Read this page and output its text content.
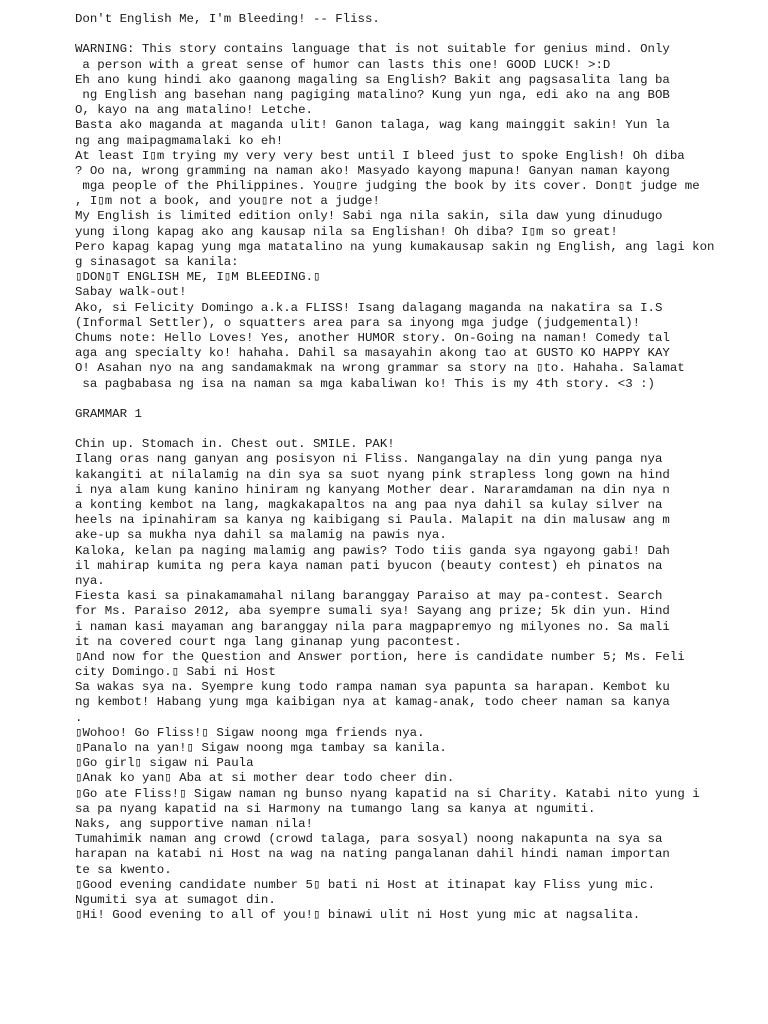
Don't English Me, I'm Bleeding! -- Fliss.
WARNING: This story contains language that is not suitable for genius mind. Only
a person with a great sense of humor can lasts this one! GOOD LUCK! >:D
Eh ano kung hindi ako gaanong magaling sa English? Bakit ang pagsasalita lang ba
ng English ang basehan nang pagiging matalino? Kung yun nga, edi ako na ang BOB
O, kayo na ang matalino! Letche.
Basta ako maganda at maganda ulit! Ganon talaga, wag kang mainggit sakin! Yun la
ng ang maipagmamalaki ko eh!
At least I▯m trying my very very best until I bleed just to spoke English! Oh diba
? Oo na, wrong gramming na naman ako! Masyado kayong mapuna! Ganyan naman kayong
mga people of the Philippines. You▯re judging the book by its cover. Don▯t judge me
, I▯m not a book, and you▯re not a judge!
My English is limited edition only! Sabi nga nila sakin, sila daw yung dinudugo
yung ilong kapag ako ang kausap nila sa Englishan! Oh diba? I▯m so great!
Pero kapag kapag yung mga matatalino na yung kumakausap sakin ng English, ang lagi kon
g sinasagot sa kanila:
▯DON▯T ENGLISH ME, I▯M BLEEDING.▯
Sabay walk-out!
Ako, si Felicity Domingo a.k.a FLISS! Isang dalagang maganda na nakatira sa I.S
(Informal Settler), o squatters area para sa inyong mga judge (judgemental)!
Chums note: Hello Loves! Yes, another HUMOR story. On-Going na naman! Comedy tal
aga ang specialty ko! hahaha. Dahil sa masayahin akong tao at GUSTO KO HAPPY KAY
O! Asahan nyo na ang sandamakmak na wrong grammar sa story na ▯to. Hahaha. Salamat
sa pagbabasa ng isa na naman sa mga kabaliwan ko! This is my 4th story. <3 :)
GRAMMAR 1
Chin up. Stomach in. Chest out. SMILE. PAK!
Ilang oras nang ganyan ang posisyon ni Fliss. Nangangalay na din yung panga nya
kakangiti at nilalamig na din sya sa suot nyang pink strapless long gown na hind
i nya alam kung kanino hiniram ng kanyang Mother dear. Nararamdaman na din nya n
a konting kembot na lang, magkakapaltos na ang paa nya dahil sa kulay silver na
heels na ipinahiram sa kanya ng kaibigang si Paula. Malapit na din malusaw ang m
ake-up sa mukha nya dahil sa malamig na pawis nya.
Kaloka, kelan pa naging malamig ang pawis? Todo tiis ganda sya ngayong gabi! Dah
il mahirap kumita ng pera kaya naman pati byucon (beauty contest) eh pinatos na
nya.
Fiesta kasi sa pinakamamahal nilang baranggay Paraiso at may pa-contest. Search
for Ms. Paraiso 2012, aba syempre sumali sya! Sayang ang prize; 5k din yun. Hind
i naman kasi mayaman ang baranggay nila para magpapremyo ng milyones no. Sa mali
it na covered court nga lang ginanap yung pacontest.
▯And now for the Question and Answer portion, here is candidate number 5; Ms. Feli
city Domingo.▯ Sabi ni Host
Sa wakas sya na. Syempre kung todo rampa naman sya papunta sa harapan. Kembot ku
ng kembot! Habang yung mga kaibigan nya at kamag-anak, todo cheer naman sa kanya
.
▯Wohoo! Go Fliss!▯ Sigaw noong mga friends nya.
▯Panalo na yan!▯ Sigaw noong mga tambay sa kanila.
▯Go girl▯ sigaw ni Paula
▯Anak ko yan▯ Aba at si mother dear todo cheer din.
▯Go ate Fliss!▯ Sigaw naman ng bunso nyang kapatid na si Charity. Katabi nito yung i
sa pa nyang kapatid na si Harmony na tumango lang sa kanya at ngumiti.
Naks, ang supportive naman nila!
Tumahimik naman ang crowd (crowd talaga, para sosyal) noong nakapunta na sya sa
harapan na katabi ni Host na wag na nating pangalanan dahil hindi naman importan
te sa kwento.
▯Good evening candidate number 5▯ bati ni Host at itinapat kay Fliss yung mic.
Ngumiti sya at sumagot din.
▯Hi! Good evening to all of you!▯ binawi ulit ni Host yung mic at nagsalita.
